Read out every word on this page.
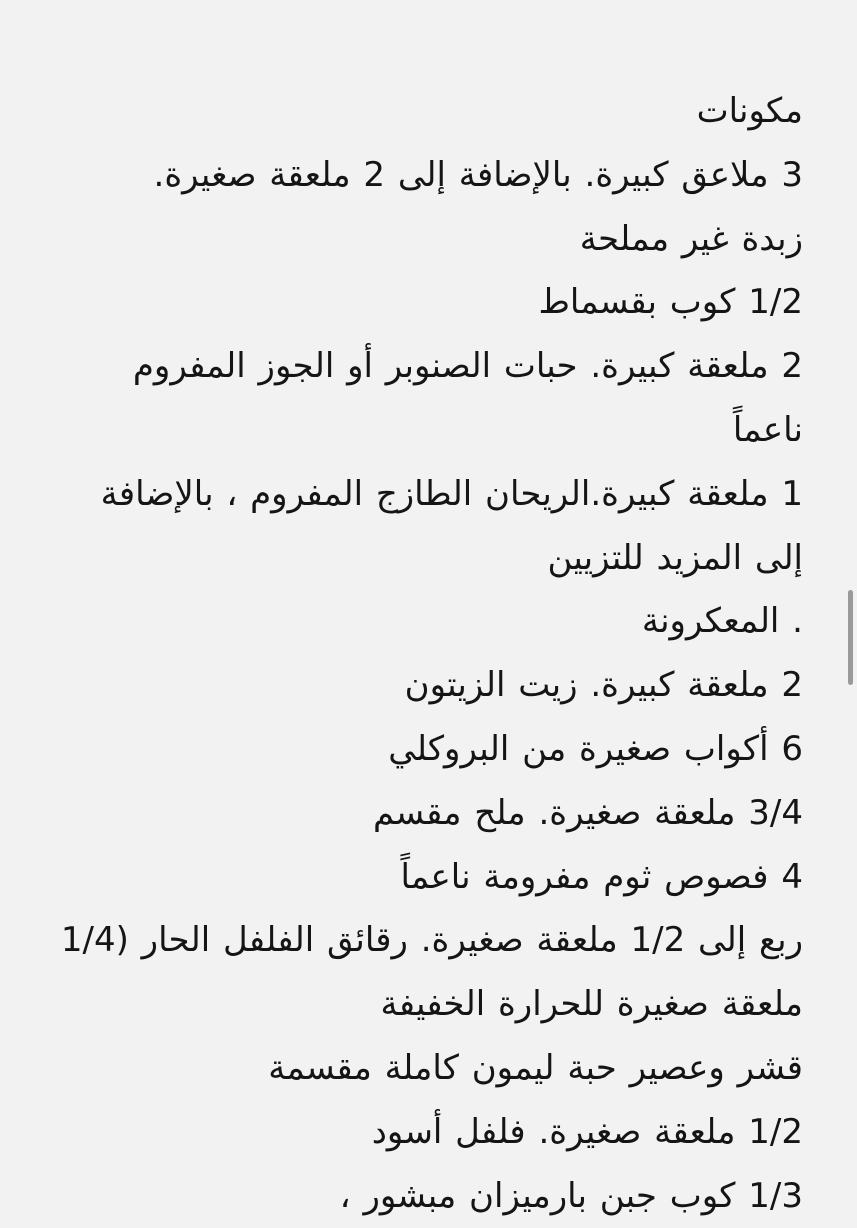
مكونات
3 ملاعق كبيرة. بالإضافة إلى 2 ملعقة صغيرة.
زبدة غير مملحة
1/2 كوب بقسماط
2 ملعقة كبيرة. حبات الصنوبر أو الجوز المفروم
ناعماً
1 ملعقة كبيرة.الريحان الطازج المفروم ، بالإضافة
إلى المزيد للتزيين
. المعكرونة
2 ملعقة كبيرة. زيت الزيتون
6 أكواب صغيرة من البروكلي
3/4 ملعقة صغيرة. ملح مقسم
4 فصوص ثوم مفرومة ناعماً
ربع إلى 1/2 ملعقة صغيرة. رقائق الفلفل الحار (1/4
ملعقة صغيرة للحرارة الخفيفة
قشر وعصير حبة ليمون كاملة مقسمة
1/2 ملعقة صغيرة. فلفل أسود
1/3 كوب جبن بارميزان مبشور ،
